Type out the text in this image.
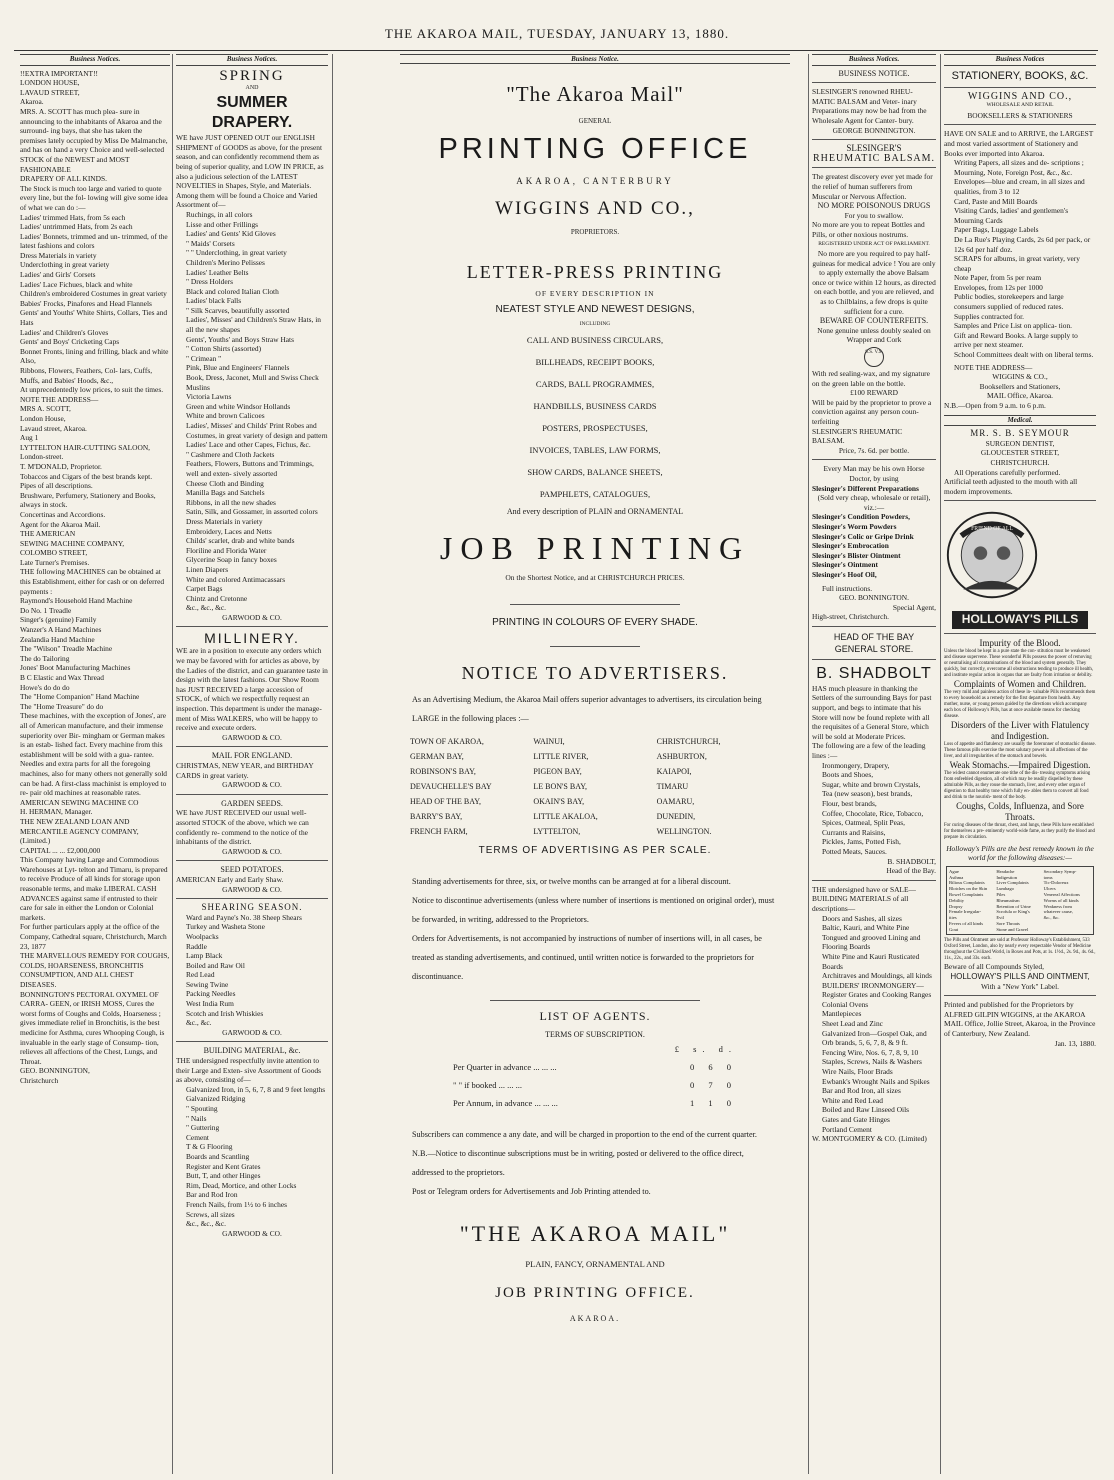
THE AKAROA MAIL, TUESDAY, JANUARY 13, 1880.
Business Notices.

!!EXTRA IMPORTANT!!

LONDON HOUSE,

LAVAUD STREET,

Akaroa.

MRS. A. SCOTT has much plea- sure in announcing to the inhabitants of Akaroa and the surround- ing bays, that she has taken the premises lately occupied by Miss De Malmanche, and has on hand a very Choice and well-selected STOCK of the NEWEST and MOST FASHIONABLE

DRAPERY OF ALL KINDS.

The Stock is much too large and varied to quote every line, but the fol- lowing will give some idea of what we can do :—

Ladies' trimmed Hats, from 5s each

Ladies' untrimmed Hats, from 2s each

Ladies' Bonnets, trimmed and un- trimmed, of the latest fashions and colors

Dress Materials in variety

Underclothing in great variety

Ladies' and Girls' Corsets

Ladies' Lace Fichues, black and white

Children's embroidered Costumes in great variety

Babies' Frocks, Pinafores and Head Flannels

Gents' and Youths' White Shirts, Collars, Ties and Hats

Ladies' and Children's Gloves

Gents' and Boys' Cricketing Caps

Bonnet Fronts, lining and frilling, black and white

Also,

Ribbons, Flowers, Feathers, Col- lars, Cuffs, Muffs, and Babies' Hoods, &c.,

At unprecedentedly low prices, to suit the times.

NOTE THE ADDRESS—

MRS A. SCOTT,

London House,

Lavaud street, Akaroa.

Aug 1

LYTTELTON HAIR-CUTTING SALOON,

London-street.

T. M'DONALD, Proprietor.

Tobaccos and Cigars of the best brands kept.

Pipes of all descriptions.

Brushware, Perfumery, Stationery and Books, always in stock.

Concertinas and Accordions.

Agent for the Akaroa Mail.

THE AMERICAN

SEWING MACHINE COMPANY,

COLOMBO STREET,

Late Turner's Premises.

THE following MACHINES can be obtained at this Establishment, either for cash or on deferred payments :

Raymond's Household Hand Machine

Do No. 1 Treadle

Singer's (genuine) Family

Wanzer's A Hand Machines

Zealandia Hand Machine

The "Wilson" Treadle Machine

The do Tailoring

Jones' Boot Manufacturing Machines

B C Elastic and Wax Thread

Howe's do do do

The "Home Companion" Hand Machine

The "Home Treasure" do do

These machines, with the exception of Jones', are all of American manufacture, and their immense superiority over Bir- mingham or German makes is an estab- lished fact. Every machine from this establishment will be sold with a gua- rantee. Needles and extra parts for all the foregoing machines, also for many others not generally sold can be had. A first-class machinist is employed to re- pair old machines at reasonable rates.

AMERICAN SEWING MACHINE CO

H. HERMAN, Manager.

THE NEW ZEALAND LOAN AND MERCANTILE AGENCY COMPANY,

(Limited.)

CAPITAL ... ... £2,000,000

This Company having Large and Commodious Warehouses at Lyt- telton and Timaru, is prepared to receive Produce of all kinds for storage upon reasonable terms, and make LIBERAL CASH ADVANCES against same if entrusted to their care for sale in either the London or Colonial markets.

For further particulars apply at the office of the Company, Cathedral square, Christchurch, March 23, 1877

THE MARVELLOUS REMEDY FOR COUGHS, COLDS, HOARSENESS, BRONCHITIS CONSUMPTION, AND ALL CHEST DISEASES.

BONNINGTON'S PECTORAL OXYMEL OF CARRA- GEEN, or IRISH MOSS, Cures the worst forms of Coughs and Colds, Hoarseness ; gives immediate relief in Bronchitis, is the best medicine for Asthma, cures Whooping Cough, is invaluable in the early stage of Consump- tion, relieves all affections of the Chest, Lungs, and Throat.

GEO. BONNINGTON,

Christchurch

Business Notices.
SPRING

AND

SUMMER DRAPERY.

WE have JUST OPENED OUT our ENGLISH SHIPMENT of GOODS as above, for the present season, and can confidently recommend them as being of superior quality, and LOW IN PRICE, as also a judicious selection of the LATEST NOVELTIES in Shapes, Style, and Materials.

Among them will be found a Choice and Varied Assortment of—

Ruchings, in all colors

Lisse and other Frillings

Ladies' and Gents' Kid Gloves

" Maids' Corsets

" " Underclothing, in great variety

Children's Merino Pelisses

Ladies' Leather Belts

" Dress Holders

Black and colored Italian Cloth

Ladies' black Falls

" Silk Scarves, beautifully assorted

Ladies', Misses' and Children's Straw Hats, in all the new shapes

Gents', Youths' and Boys Straw Hats

" Cotton Shirts (assorted)

" Crimean "

Pink, Blue and Engineers' Flannels

Book, Dress, Jaconet, Mull and Swiss Check Muslins

Victoria Lawns

Green and white Windsor Hollands

White and brown Calicoes

Ladies', Misses' and Childs' Print Robes and Costumes, in great variety of design and pattern

Ladies' Lace and other Capes, Fichus, &c.

" Cashmere and Cloth Jackets

Feathers, Flowers, Buttons and Trimmings, well and exten- sively assorted

Cheese Cloth and Binding

Manilla Bags and Satchels

Ribbons, in all the new shades

Satin, Silk, and Gossamer, in assorted colors

Dress Materials in variety

Embroidery, Laces and Netts

Childs' scarlet, drab and white bands

Floriline and Florida Water

Glycerine Soap in fancy boxes

Linen Diapers

White and colored Antimacassars

Carpet Bags

Chintz and Cretonne

&c., &c., &c.

GARWOOD & CO.

MILLINERY.

WE are in a position to execute any orders which we may be favored with for articles as above, by the Ladies of the district, and can guarantee taste in design with the latest fashions. Our Show Room has JUST RECEIVED a large accession of STOCK, of which we respectfully request an inspection. This department is under the manage- ment of Miss WALKERS, who will be happy to receive and execute orders.

GARWOOD & CO.

MAIL FOR ENGLAND.

CHRISTMAS, NEW YEAR, and BIRTHDAY CARDS in great variety.

GARWOOD & CO.

GARDEN SEEDS.

WE have JUST RECEIVED our usual well-assorted STOCK of the above, which we can confidently re- commend to the notice of the inhabitants of the district.

GARWOOD & CO.

SEED POTATOES.

AMERICAN Early and Early Shaw.

GARWOOD & CO.

SHEARING SEASON.

Ward and Payne's No. 38 Sheep Shears

Turkey and Washeta Stone

Woolpacks

Raddle

Lamp Black

Boiled and Raw Oil

Red Lead

Sewing Twine

Packing Needles

West India Rum

Scotch and Irish Whiskies

&c., &c.

GARWOOD & CO.

BUILDING MATERIAL, &c.

THE undersigned respectfully invite attention to their Large and Exten- sive Assortment of Goods as above, consisting of—

Galvanized Iron, in 5, 6, 7, 8 and 9 feet lengths

Galvanized Ridging

" Spouting

" Nails

" Guttering

Cement

T & G Flooring

Boards and Scantling

Register and Kent Grates

Butt, T, and other Hinges

Rim, Dead, Mortice, and other Locks

Bar and Rod Iron

French Nails, from 1½ to 6 inches

Screws, all sizes

&c., &c., &c.

GARWOOD & CO.

Business Notice.
"The Akaroa Mail"
GENERAL
PRINTING OFFICE
AKAROA, CANTERBURY
WIGGINS AND CO.,
PROPRIETORS.
LETTER-PRESS PRINTING
OF EVERY DESCRIPTION IN
NEATEST STYLE AND NEWEST DESIGNS,
INCLUDING

CALL AND BUSINESS CIRCULARS,

BILLHEADS, RECEIPT BOOKS,

CARDS, BALL PROGRAMMES,

HANDBILLS, BUSINESS CARDS

POSTERS, PROSPECTUSES,

INVOICES, TABLES, LAW FORMS,

SHOW CARDS, BALANCE SHEETS,

PAMPHLETS, CATALOGUES,

And every description of PLAIN and ORNAMENTAL
JOB PRINTING
On the Shortest Notice, and at CHRISTCHURCH PRICES.
PRINTING IN COLOURS OF EVERY SHADE.
NOTICE TO ADVERTISERS.
As an Advertising Medium, the Akaroa Mail offers superior advantages to advertisers, its circulation being LARGE in the following places :—
TOWN OF AKAROA,	WAINUI,	CHRISTCHURCH,
GERMAN BAY,	LITTLE RIVER,	ASHBURTON,
ROBINSON'S BAY,	PIGEON BAY,	KAIAPOI,
DEVAUCHELLE'S BAY	LE BON'S BAY,	TIMARU
HEAD OF THE BAY,	OKAIN'S BAY,	OAMARU,
BARRY'S BAY,	LITTLE AKALOA,	DUNEDIN,
FRENCH FARM,	LYTTELTON,	WELLINGTON.
TERMS OF ADVERTISING AS PER SCALE.
Standing advertisements for three, six, or twelve months can be arranged at for a liberal discount.
Notice to discontinue advertisements (unless where number of insertions is mentioned on original order), must be forwarded, in writing, addressed to the Proprietors.
Orders for Advertisements, is not accompanied by instructions of number of insertions will, in all cases, be treated as standing advertisements, and continued, until written notice is forwarded to the proprietors for discontinuance.
LIST OF AGENTS.
TERMS OF SUBSCRIPTION.
	£ s. d.
Per Quarter in advance ... ... ...	0 6 0
" " if booked ... ... ...	0 7 0
Per Annum, in advance ... ... ...	1 1 0
Subscribers can commence a any date, and will be charged in proportion to the end of the current quarter.
N.B.—Notice to discontinue subscriptions must be in writing, posted or delivered to the office direct, addressed to the proprietors.
Post or Telegram orders for Advertisements and Job Printing attended to.
"THE AKAROA MAIL"
PLAIN, FANCY, ORNAMENTAL AND
JOB PRINTING OFFICE.
AKAROA.
Business Notices.

BUSINESS NOTICE.

SLESINGER'S renowned RHEU- MATIC BALSAM and Veter- inary Preparations may now be had from the Wholesale Agent for Canter- bury.

GEORGE BONNINGTON.

SLESINGER'S

RHEUMATIC BALSAM.

The greatest discovery ever yet made for the relief of human sufferers from Muscular or Nervous Affection.

NO MORE POISONOUS DRUGS

For you to swallow.

No more are you to repeat Bottles and Pills, or other noxious nostrums.

REGISTERED UNDER ACT OF PARLIAMENT.

No more are you required to pay half- guineas for medical advice ! You are only to apply externally the above Balsam once or twice within 12 hours, as directed on each bottle, and you are relieved, and as to Chilblains, a few drops is quite sufficient for a cure.

BEWARE OF COUNTERFEITS.

None genuine unless doubly sealed on Wrapper and Cork

S.S. V.S.

With red sealing-wax, and my signature on the green lable on the bottle.

£100 REWARD

Will be paid by the proprietor to prove a conviction against any person coun- terfeiting

SLESINGER'S RHEUMATIC BALSAM.

Price, 7s. 6d. per bottle.

Every Man may be his own Horse Doctor, by using

Slesinger's Different Preparations

(Sold very cheap, wholesale or retail), viz.:—

Slesinger's Condition Powders,

Slesinger's Worm Powders

Slesinger's Colic or Gripe Drink

Slesinger's Embrocation

Slesinger's Blister Ointment

Slesinger's Ointment

Slesinger's Hoof Oil,

Full instructions.

GEO. BONNINGTON.

Special Agent,

High-street, Christchurch.

HEAD OF THE BAY GENERAL STORE.

B. SHADBOLT

HAS much pleasure in thanking the Settlers of the surrounding Bays for past support, and begs to intimate that his Store will now be found replete with all the requisites of a General Store, which will be sold at Moderate Prices.

The following are a few of the leading lines :—

Ironmongery, Drapery,

Boots and Shoes,

Sugar, white and brown Crystals,

Tea (new season), best brands,

Flour, best brands,

Coffee, Chocolate, Rice, Tobacco,

Spices, Oatmeal, Split Peas,

Currants and Raisins,

Pickles, Jams, Potted Fish,

Potted Meats, Sauces.

B. SHADBOLT,

Head of the Bay.

THE undersigned have or SALE— BUILDING MATERIALS of all descriptions—

Doors and Sashes, all sizes

Baltic, Kauri, and White Pine

Tongued and grooved Lining and Flooring Boards

White Pine and Kauri Rusticated Boards

Architraves and Mouldings, all kinds

BUILDERS' IRONMONGERY—

Register Grates and Cooking Ranges

Colonial Ovens

Mantlepieces

Sheet Lead and Zinc

Galvanized Iron—Gospel Oak, and Orb brands, 5, 6, 7, 8, & 9 ft.

Fencing Wire, Nos. 6, 7, 8, 9, 10

Staples, Screws, Nails & Washers

Wire Nails, Floor Brads

Ewbank's Wrought Nails and Spikes

Bar and Rod Iron, all sizes

White and Red Lead

Boiled and Raw Linseed Oils

Gates and Gate Hinges

Portland Cement

W. MONTGOMERY & CO. (Limited)

Business Notices

STATIONERY, BOOKS, &C.

WIGGINS AND CO.,

WHOLESALE AND RETAIL

BOOKSELLERS & STATIONERS

HAVE ON SALE and to ARRIVE, the LARGEST and most varied assortment of Stationery and Books ever imported into Akaroa.

Writing Papers, all sizes and de- scriptions ; Mourning, Note, Foreign Post, &c., &c.

Envelopes—blue and cream, in all sizes and qualities, from 3 to 12

Card, Paste and Mill Boards

Visiting Cards, ladies' and gentlemen's

Mourning Cards

Paper Bags, Luggage Labels

De La Rue's Playing Cards, 2s 6d per pack, or 12s 6d per half doz.

SCRAPS for albums, in great variety, very cheap

Note Paper, from 5s per ream

Envelopes, from 12s per 1000

Public bodies, storekeepers and large consumers supplied of reduced rates.

Supplies contracted for.

Samples and Price List on applica- tion.

Gift and Reward Books. A large supply to arrive per next steamer.

School Committees dealt with on liberal terms.

NOTE THE ADDRESS—

WIGGINS & CO.,

Booksellers and Stationers,

MAIL Office, Akaroa.

N.B.—Open from 9 a.m. to 6 p.m.

Medical.

MR. S. B. SEYMOUR

SURGEON DENTIST,

GLOUCESTER STREET,

CHRISTCHURCH.

All Operations carefully performed.

Artificial teeth adjusted to the mouth with all modern improvements.

FRIEND OF ALL
HOLLOWAY'S PILLS

Impurity of the Blood.

Unless the blood be kept in a pure state the con- stitution must be weakened and disease supervene. These wonderful Pills possess the power of removing or neutralising all contaminations of the blood and system generally. They quickly, but correctly, overcome all obstructions tending to produce ill health, and institute regular action in organs that are faulty from irritation or debility.

Complaints of Women and Children.

The very mild and painless action of these in- valuable Pills recommends them to every household as a remedy for the first departure from health. Any mother, nurse, or young person guided by the directions which accompany each box of Holloway's Pills, has at once available means for checking disease.

Disorders of the Liver with Flatulency and Indigestion.

Loss of appetite and flatulency are usually the forerunner of stomachic disease. These famous pills exercise the most salutary power in all affections of the liver, and all irregularities of the stomach and bowels.

Weak Stomachs.—Impaired Digestion.

The widest cannot enumerate one tithe of the dis- tressing symptoms arising from enfeebled digestion, all of which may be readily dispelled by these admirable Pills, as they rouse the stomach, liver, and every other organ of digestion to that healthy tone which fully en- ables them to convert all food and drink to the nourish- ment of the body.

Coughs, Colds, Influenza, and Sore Throats.

For curing diseases of the throat, chest, and lungs, these Pills have established for themselves a pre- eminently world-wide fame, as they purify the blood and prepare its circulation.

Holloway's Pills are the best remedy known in the world for the following diseases:—

Ague	Headache	Secondary Symp-
Asthma	Indigestion	toms
Bilious Complaints	Liver Complaints	Tic-Doloreux
Blotches on the Skin	Lumbago	Ulcers
Bowel Complaints	Piles	Venereal Affections
Debility	Rheumatism	Worms of all kinds
Dropsy	Retention of Urine	Weakness from
Female Irregular-	Scrofula or King's	whatever cause,
ities	Evil	&c., &c.
Fevers of all kinds	Sore Throats
Gout	Stone and Gravel

The Pills and Ointment are sold at Professor Holloway's Establishment, 533 Oxford Street, London, also by nearly every respectable Vendor of Medicine throughout the Civilized World, in Boxes and Pots, at 1s. 1½d., 2s. 9d., 4s. 6d., 11s., 22s., and 33s. each.

Beware of all Compounds Styled,

HOLLOWAY'S PILLS AND OINTMENT,

With a "New York" Label.

Printed and published for the Proprietors by ALFRED GILPIN WIGGINS, at the AKAROA MAIL Office, Jollie Street, Akaroa, in the Province of Canterbury, New Zealand.

Jan. 13, 1880.
